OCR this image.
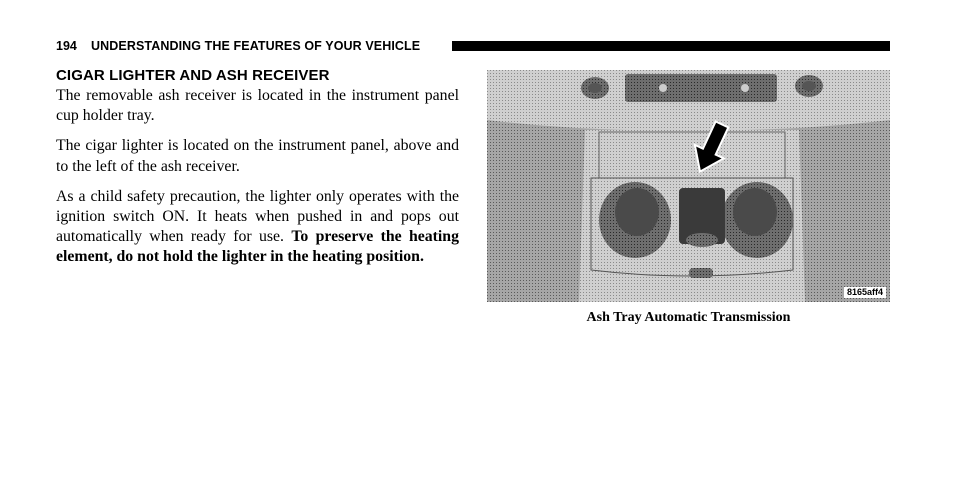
194 UNDERSTANDING THE FEATURES OF YOUR VEHICLE
CIGAR LIGHTER AND ASH RECEIVER

The removable ash receiver is located in the instrument panel cup holder tray.

The cigar lighter is located on the instrument panel, above and to the left of the ash receiver.

As a child safety precaution, the lighter only operates with the ignition switch ON. It heats when pushed in and pops out automatically when ready for use. To preserve the heating element, do not hold the lighter in the heating position.

8165aff4
Ash Tray Automatic Transmission
